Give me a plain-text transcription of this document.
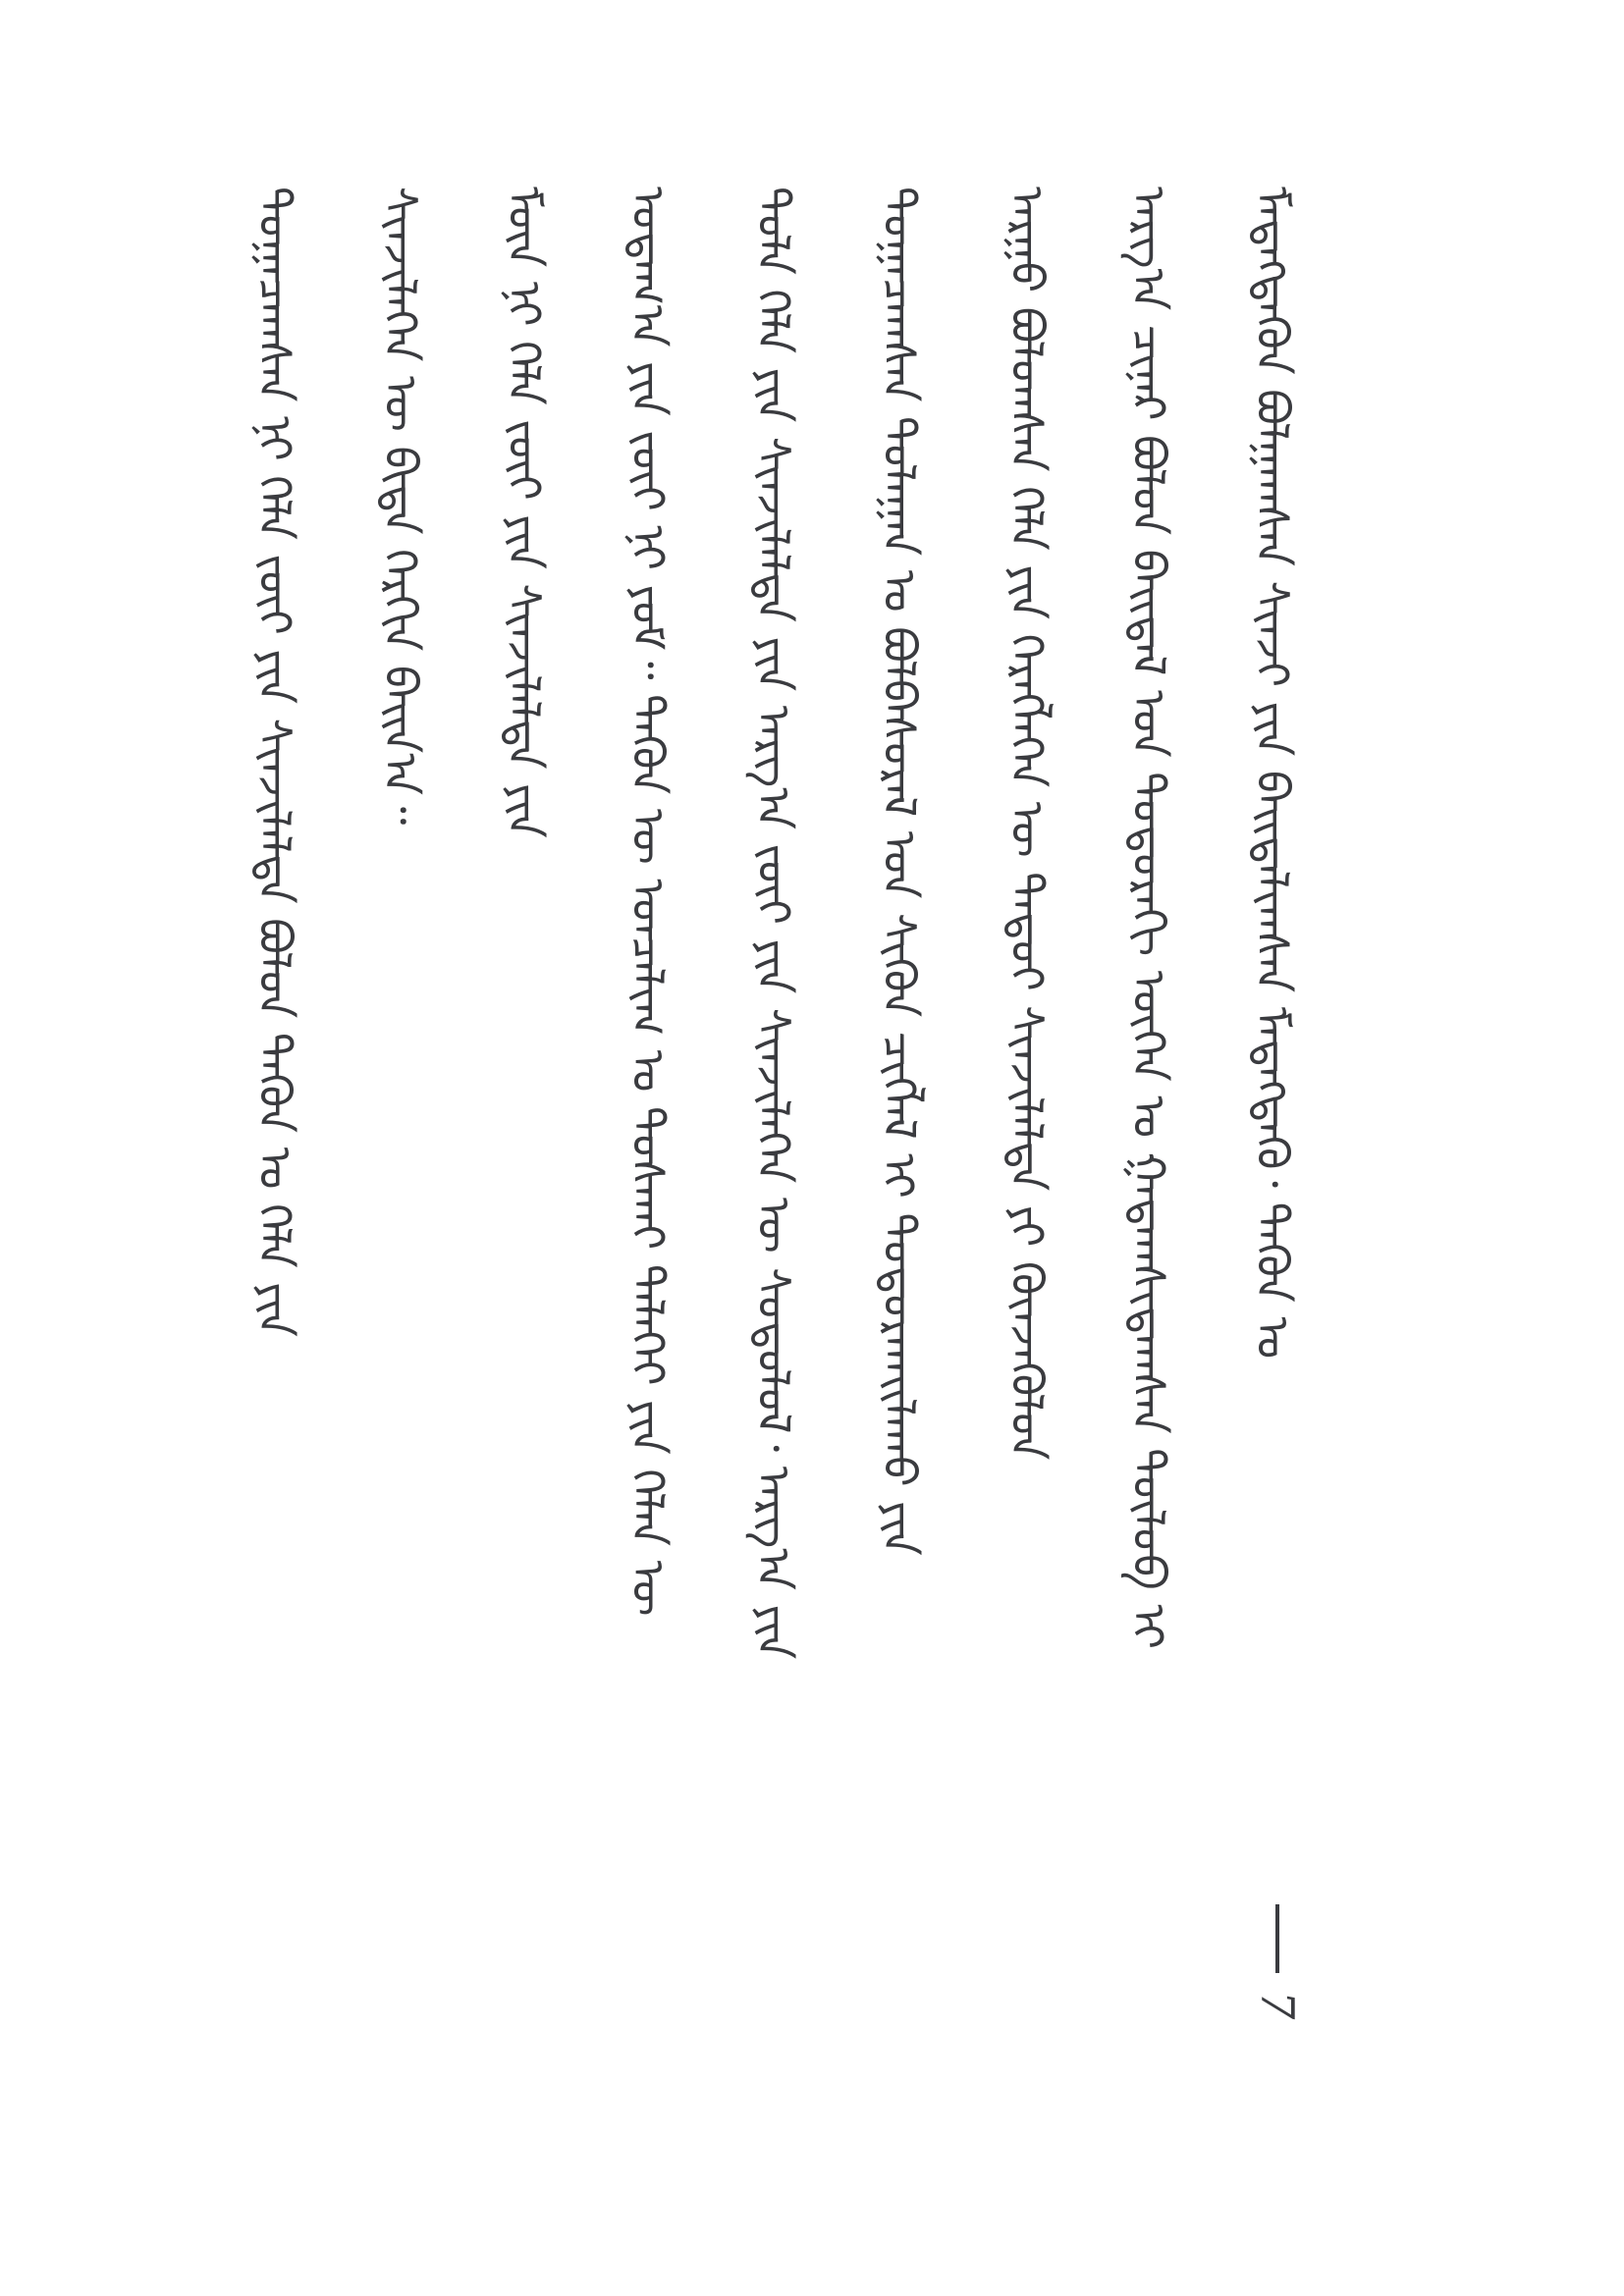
ᠮᠡᠳᠡᠭᠳᠡᠬᠦᠨ ᠪᠣᠯᠭᠠᠭᠰᠠᠨ ᠰᠢᠨᠵᠢ ᠶᠢᠨ ᠪᠠᠢᠳᠠᠯᠢᠭᠰᠠᠨ ᠮᠡᠳᠡᠭᠳᠡᠬᠦ᠂ ᠲᠡᠭᠦᠨ ᠤ
ᠠᠷᠭ᠎ᠠ ᠴᠢᠨᠠᠷ ᠪᠣᠯᠤᠨ ᠪᠠᠢᠳᠠᠯ ᠤᠨ ᠳᠣᠲᠣᠷᠠᠬᠢ ᠦᠭᠡᠨ ᠤ ᠭᠠᠳᠠᠭᠰᠢᠳᠠᠭᠰᠠᠨ ᠲᠥᠯᠦᠪ ᠢ
ᠠᠷᠭᠤ ᠪᠣᠯᠤᠭᠰᠠᠨ ᠬᠡᠯᠡ ᠶᠢᠨ ᠬᠡᠷᠡᠭᠯᠡᠭᠡᠨ ᠦ ᠲᠡᠳᠤᠢ ᠰᠢᠨᠵᠢᠯᠡᠯᠲᠡ ᠶᠢ ᠭᠦᠨᠵᠡᠭᠦᠯᠦᠨ
ᠲᠣᠭᠠᠴᠠᠭᠰᠠᠨ ᠳᠤᠯᠠᠭᠠᠨ ᠤ ᠪᠣᠯᠪᠠᠰᠤᠷᠠᠯ ᠤᠨ ᠰᠢᠭᠦᠨ ᠴᠢᠭᠯᠡᠯ ᠢ ᠲᠣᠳᠣᠷᠬᠠᠢᠯᠠᠬᠤ ᠶᠢᠨ
ᠲᠤᠯᠠ ᠬᠡᠯᠡ ᠶᠢᠨ ᠰᠢᠨᠵᠢᠯᠡᠯᠲᠡ ᠶᠢᠨ ᠠᠷᠭ᠎ᠠ ᠵᠦᠢ ᠶᠢᠨ ᠰᠢᠨᠵᠢᠯᠡᠭᠡᠨ ᠦ ᠰᠤᠳᠤᠯᠤᠯ᠂ ᠠᠷᠭ᠎ᠠ ᠶᠢᠨ
ᠤᠳᠠᠭ᠎ᠠ ᠶᠢᠨ ᠵᠦᠢ ᠨᠢ ᠶᠤᠮ᠃ ᠲᠡᠭᠦᠨ ᠦ ᠣᠨᠴᠠᠯᠢᠭ ᠤ ᠲᠤᠰᠬᠠᠢ ᠲᠡᠯᠡᠭᠡᠢ ᠶᠢᠨ ᠬᠡᠯᠡᠨ ᠦ
ᠮᠥᠨ ᠨᠢ ᠬᠡᠯᠡ ᠵᠦᠢ ᠶᠢᠨ ᠰᠢᠨᠵᠢᠯᠡᠯᠲᠡ ᠶᠢᠨ
ᠰᠢᠨᠵᠢᠯᠡᠭᠡᠨ ᠦ ᠪᠢᠳᠡ ᠬᠡᠷᠬᠢᠨ ᠪᠠᠢᠨ᠎ᠠ᠃
ᠲᠣᠭᠠᠴᠠᠭᠰᠠᠨ ᠨᠢ ᠬᠡᠯᠡ ᠵᠦᠢ ᠶᠢᠨ ᠰᠢᠨᠵᠢᠯᠡᠯᠲᠡ ᠪᠣᠯᠤᠨ ᠲᠡᠭᠦᠨ ᠤ ᠬᠡᠯᠡ ᠶᠢᠨ
7
